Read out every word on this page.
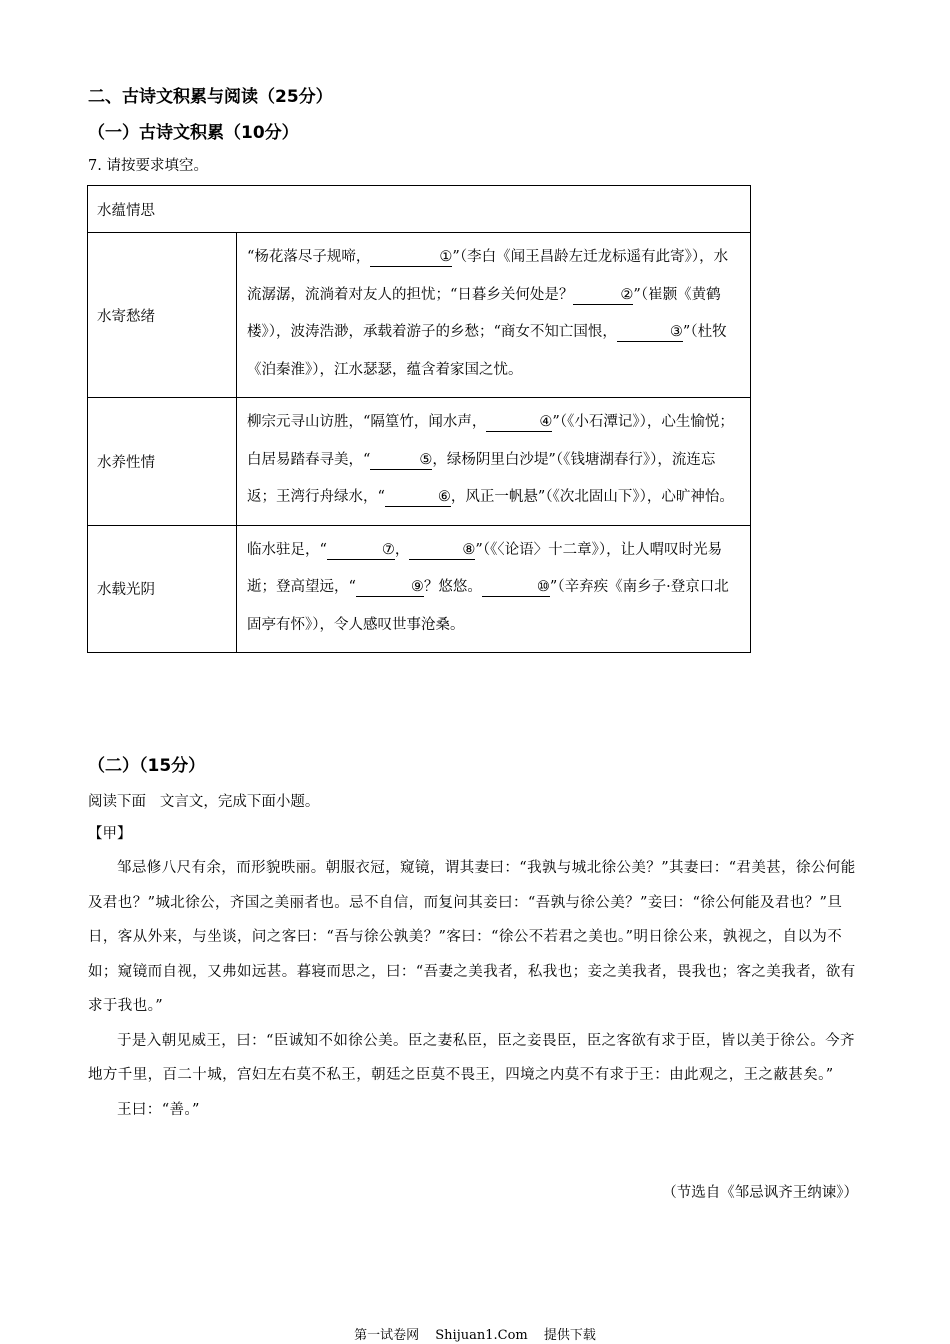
二、古诗文积累与阅读（25分）
（一）古诗文积累（10分）
7. 请按要求填空。
水蕴情思	
水寄愁绪	“杨花落尽子规啼， ①”（李白《闻王昌龄左迁龙标遥有此寄》），水流潺潺，流淌着对友人的担忧；“日暮乡关何处是？ ②”（崔颢《黄鹤楼》），波涛浩渺，承载着游子的乡愁；“商女不知亡国恨， ③”（杜牧《泊秦淮》），江水瑟瑟，蕴含着家国之忧。
水养性情	柳宗元寻山访胜，“隔篁竹，闻水声， ④”（《小石潭记》），心生愉悦；白居易踏春寻美，“ ⑤，绿杨阴里白沙堤”（《钱塘湖春行》），流连忘返；王湾行舟绿水，“ ⑥，风正一帆悬”（《次北固山下》），心旷神怡。
水载光阴	临水驻足，“ ⑦， ⑧”（《〈论语〉十二章》），让人喟叹时光易逝；登高望远，“ ⑨？悠悠。 ⑩”（辛弃疾《南乡子·登京口北固亭有怀》），令人感叹世事沧桑。
（二）（15分）
阅读下面   文言文，完成下面小题。
【甲】

邹忌修八尺有余，而形貌昳丽。朝服衣冠，窥镜，谓其妻曰：“我孰与城北徐公美？”其妻曰：“君美甚，徐公何能及君也？”城北徐公，齐国之美丽者也。忌不自信，而复问其妾曰：“吾孰与徐公美？”妾曰：“徐公何能及君也？”旦日，客从外来，与坐谈，问之客曰：“吾与徐公孰美？”客曰：“徐公不若君之美也。”明日徐公来，孰视之，自以为不如；窥镜而自视，又弗如远甚。暮寝而思之，曰：“吾妻之美我者，私我也；妾之美我者，畏我也；客之美我者，欲有求于我也。”

于是入朝见威王，曰：“臣诚知不如徐公美。臣之妻私臣，臣之妾畏臣，臣之客欲有求于臣，皆以美于徐公。今齐地方千里，百二十城，宫妇左右莫不私王，朝廷之臣莫不畏王，四境之内莫不有求于王：由此观之，王之蔽甚矣。”

王曰：“善。”

（节选自《邹忌讽齐王纳谏》）
第一试卷网 Shijuan1.Com 提供下载
